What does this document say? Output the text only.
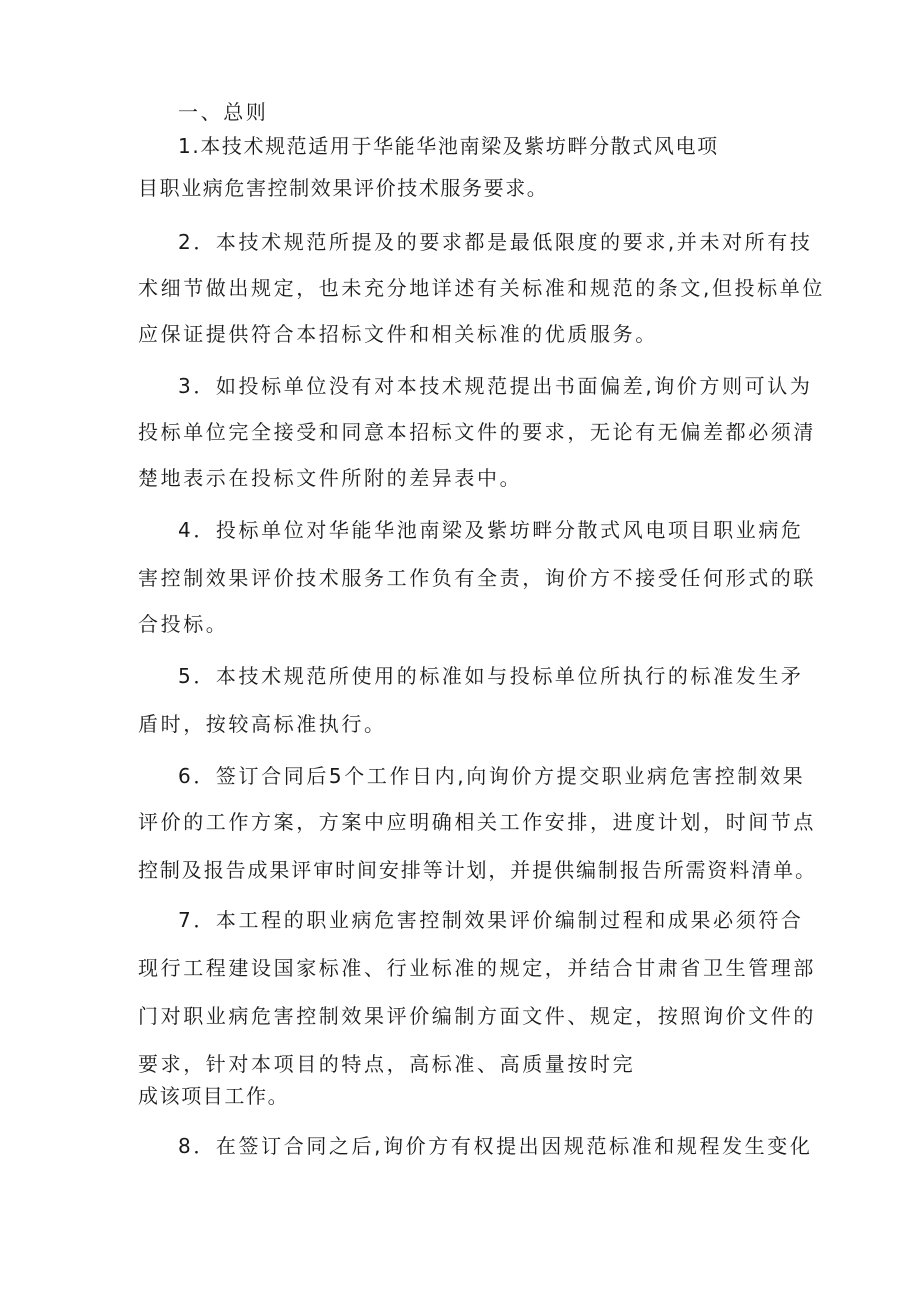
一、总则
1.本技术规范适用于华能华池南梁及紫坊畔分散式风电项
目职业病危害控制效果评价技术服务要求。
2．本技术规范所提及的要求都是最低限度的要求,并未对所有技
术细节做出规定，也未充分地详述有关标准和规范的条文,但投标单位
应保证提供符合本招标文件和相关标准的优质服务。
3．如投标单位没有对本技术规范提出书面偏差,询价方则可认为
投标单位完全接受和同意本招标文件的要求，无论有无偏差都必须清
楚地表示在投标文件所附的差异表中。
4．投标单位对华能华池南梁及紫坊畔分散式风电项目职业病危
害控制效果评价技术服务工作负有全责，询价方不接受任何形式的联
合投标。
5．本技术规范所使用的标准如与投标单位所执行的标准发生矛
盾时，按较高标准执行。
6．签订合同后5个工作日内,向询价方提交职业病危害控制效果
评价的工作方案，方案中应明确相关工作安排，进度计划，时间节点
控制及报告成果评审时间安排等计划，并提供编制报告所需资料清单。
7．本工程的职业病危害控制效果评价编制过程和成果必须符合
现行工程建设国家标准、行业标准的规定，并结合甘肃省卫生管理部
门对职业病危害控制效果评价编制方面文件、规定，按照询价文件的
要求，针对本项目的特点，高标准、高质量按时完
成该项目工作。
8．在签订合同之后,询价方有权提出因规范标准和规程发生变化
